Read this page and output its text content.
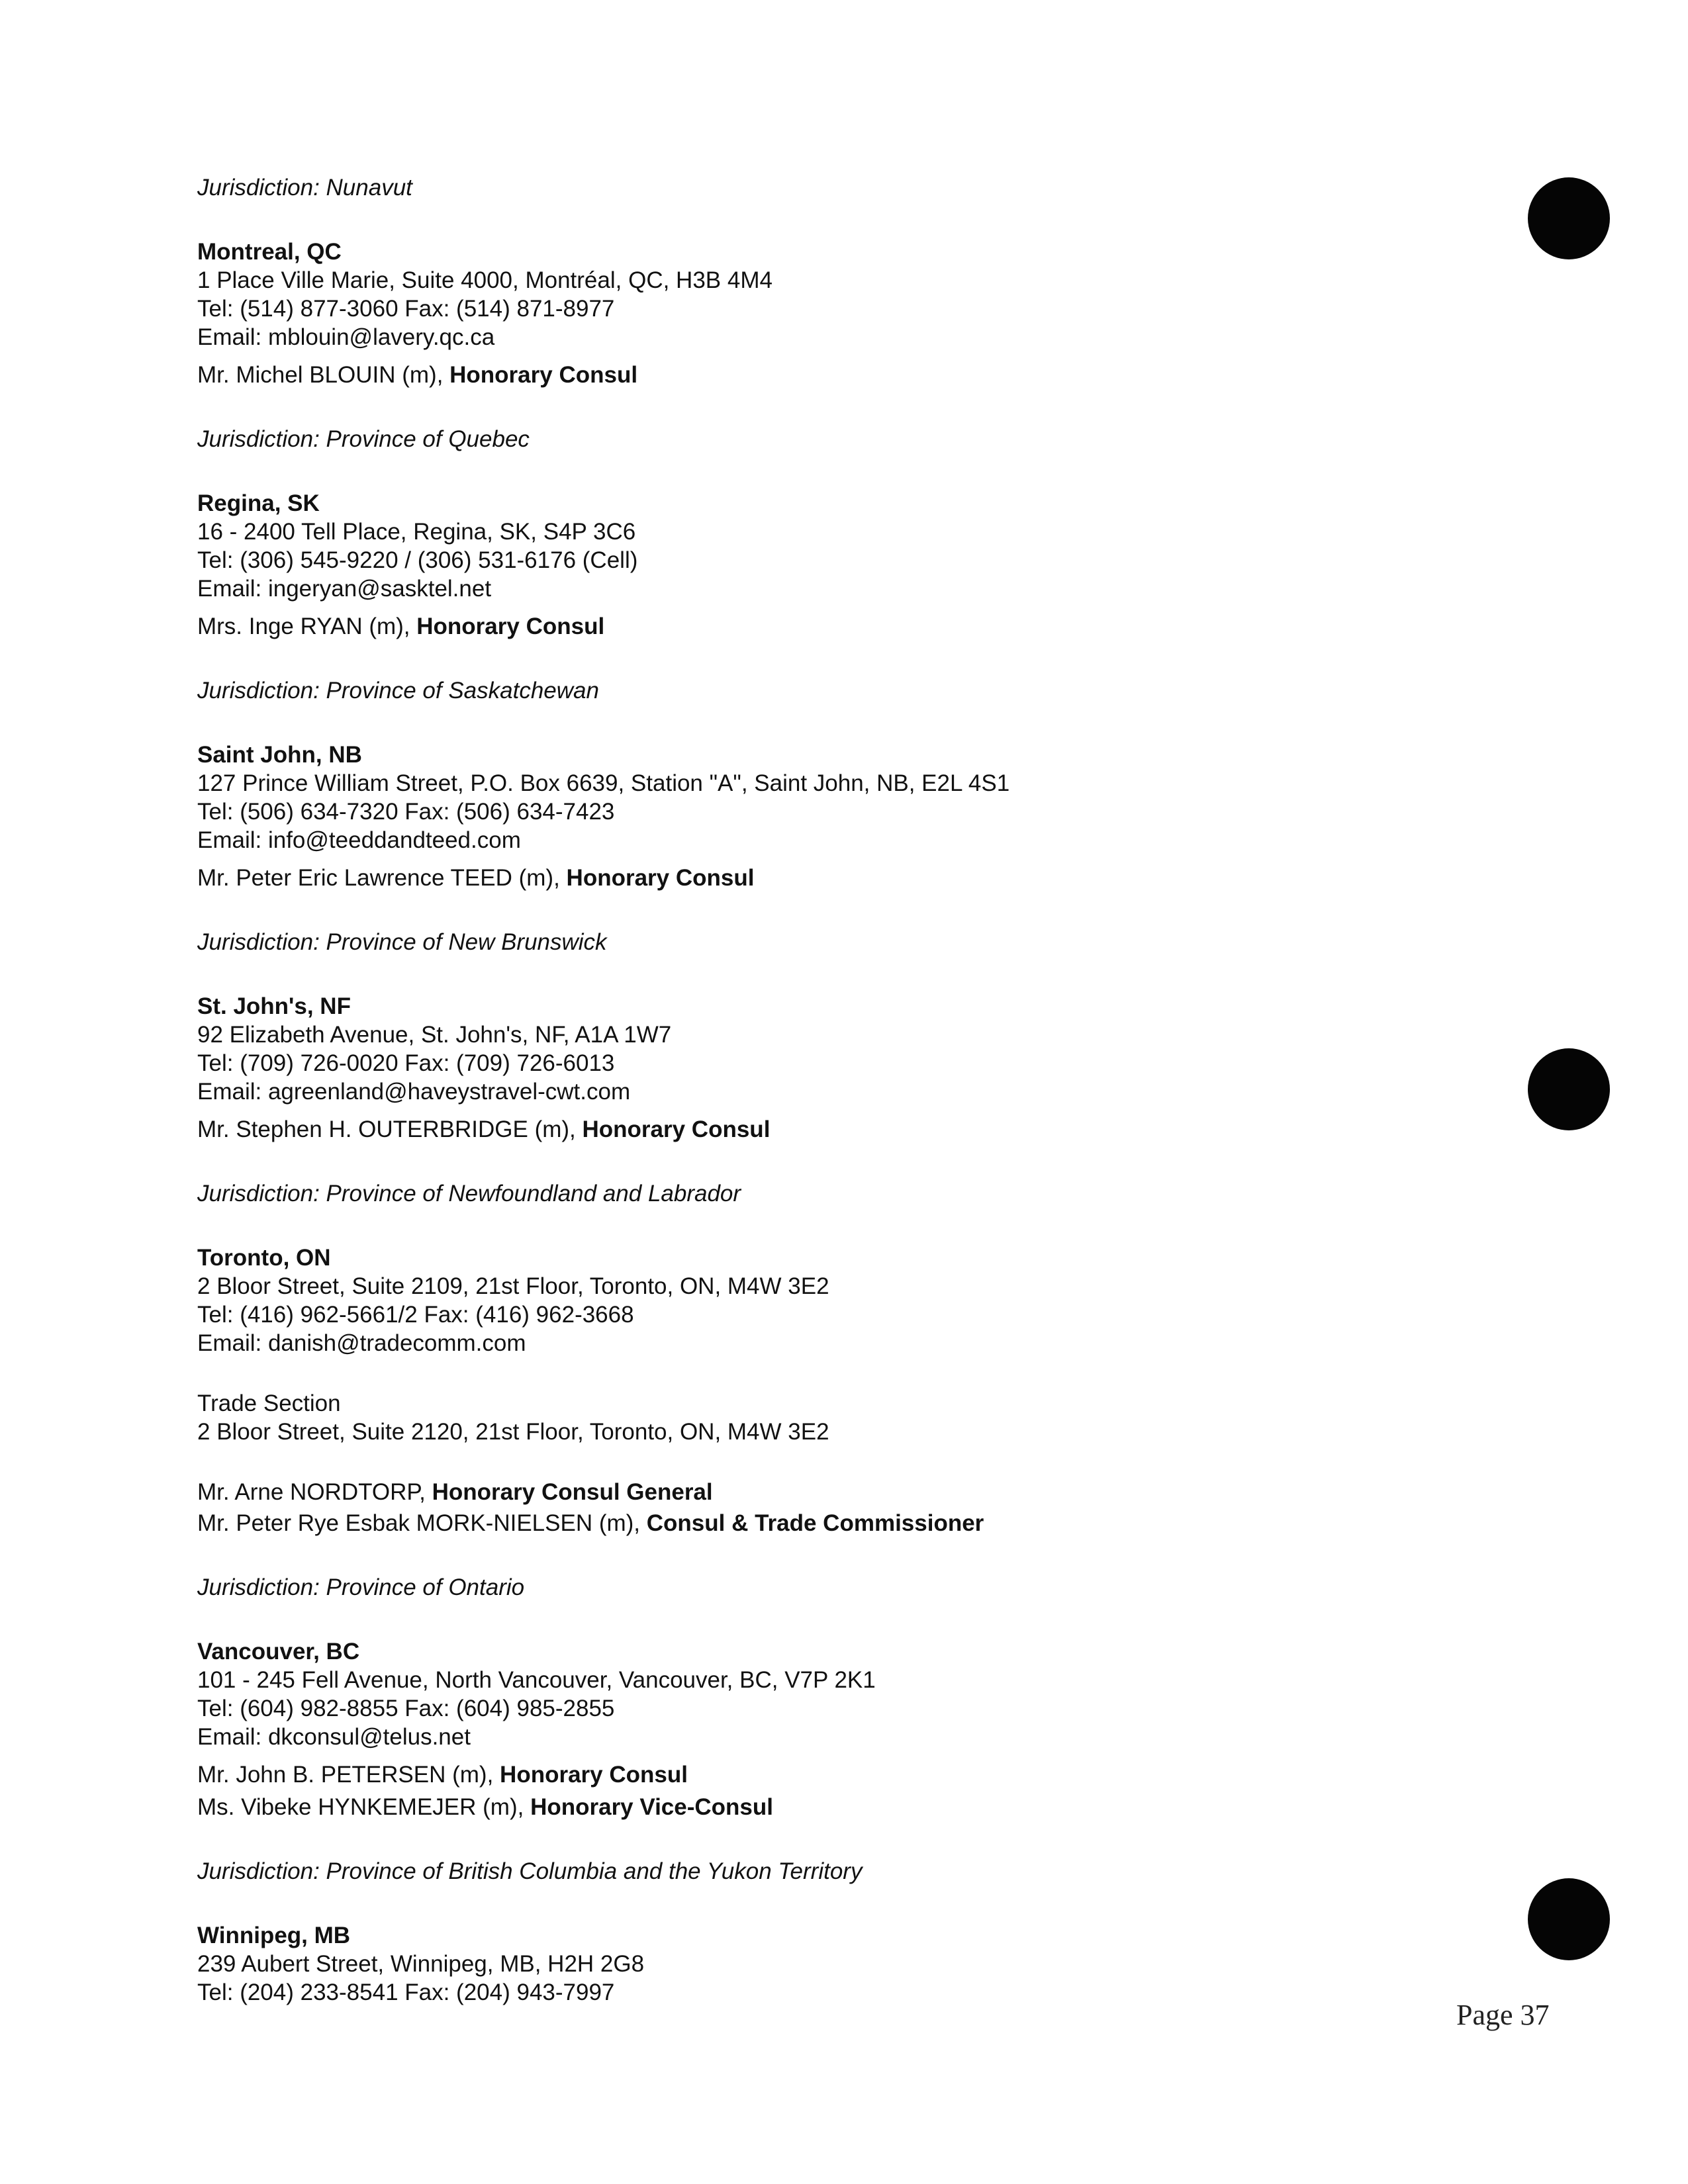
Jurisdiction: Nunavut
Montreal, QC
1 Place Ville Marie, Suite 4000, Montréal, QC, H3B 4M4
Tel: (514) 877-3060 Fax: (514) 871-8977
Email: mblouin@lavery.qc.ca
Mr. Michel BLOUIN (m), Honorary Consul
Jurisdiction: Province of Quebec
Regina, SK
16 - 2400 Tell Place, Regina, SK, S4P 3C6
Tel: (306) 545-9220 / (306) 531-6176 (Cell)
Email: ingeryan@sasktel.net
Mrs. Inge RYAN (m), Honorary Consul
Jurisdiction: Province of Saskatchewan
Saint John, NB
127 Prince William Street, P.O. Box 6639, Station "A", Saint John, NB, E2L 4S1
Tel: (506) 634-7320 Fax: (506) 634-7423
Email: info@teeddandteed.com
Mr. Peter Eric Lawrence TEED (m), Honorary Consul
Jurisdiction: Province of New Brunswick
St. John's, NF
92 Elizabeth Avenue, St. John's, NF, A1A 1W7
Tel: (709) 726-0020 Fax: (709) 726-6013
Email: agreenland@haveystravel-cwt.com
Mr. Stephen H. OUTERBRIDGE (m), Honorary Consul
Jurisdiction: Province of Newfoundland and Labrador
Toronto, ON
2 Bloor Street, Suite 2109, 21st Floor, Toronto, ON, M4W 3E2
Tel: (416) 962-5661/2 Fax: (416) 962-3668
Email: danish@tradecomm.com
Trade Section
2 Bloor Street, Suite 2120, 21st Floor, Toronto, ON, M4W 3E2
Mr. Arne NORDTORP, Honorary Consul General
Mr. Peter Rye Esbak MORK-NIELSEN (m), Consul & Trade Commissioner
Jurisdiction: Province of Ontario
Vancouver, BC
101 - 245 Fell Avenue, North Vancouver, Vancouver, BC, V7P 2K1
Tel: (604) 982-8855 Fax: (604) 985-2855
Email: dkconsul@telus.net
Mr. John B. PETERSEN (m), Honorary Consul
Ms. Vibeke HYNKEMEJER (m), Honorary Vice-Consul
Jurisdiction: Province of British Columbia and the Yukon Territory
Winnipeg, MB
239 Aubert Street, Winnipeg, MB, H2H 2G8
Tel: (204) 233-8541 Fax: (204) 943-7997
Page 37
